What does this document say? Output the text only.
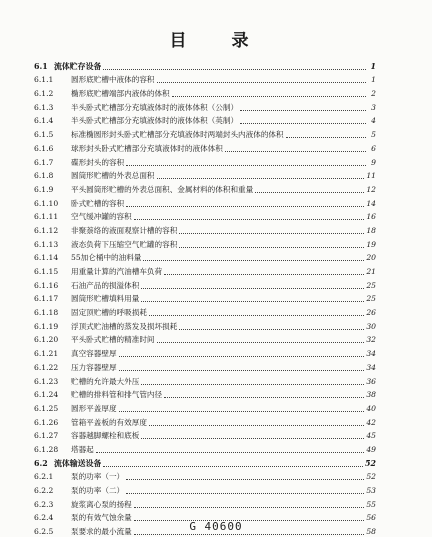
目　录
6.1 流体贮存设备	1
6.1.1	圆形底贮槽中液体的容积	1
6.1.2	椭形底贮槽端部内液体的体积	2
6.1.3	半头卧式贮槽部分充填液体时的液体体积（公制）	3
6.1.4	半头卧式贮槽部分充填液体时的液体体积（英制）	4
6.1.5	标准椭圆形封头卧式贮槽部分充填液体时两端封头内液体的体积	5
6.1.6	球形封头卧式贮槽部分充填液体时的液体体积	6
6.1.7	碟形封头的容积	9
6.1.8	圆筒形贮槽的外表总面积	11
6.1.9	平头圆筒形贮槽的外表总面积、金属材料的体积和重量	12
6.1.10	卧式贮槽的容积	14
6.1.11	空气缓冲罐的容积	16
6.1.12	非聚萘络的液面观察计槽的容积	18
6.1.13	液态负荷下压缩空气贮罐的容积	19
6.1.14	55加仑桶中的油料量	20
6.1.15	用重量计算的汽油槽车负荷	21
6.1.16	石油产品的损溢体积	25
6.1.17	圆筒形贮槽填料用量	25
6.1.18	固定顶贮槽的呼吸损耗	26
6.1.19	浮顶式贮油槽的蒸发及损坏损耗	30
6.1.20	平头卧式贮槽的精准时间	32
6.1.21	真空容器壁厚	34
6.1.22	压力容器壁厚	34
6.1.23	贮槽的允许最大外压	36
6.1.24	贮槽的排料管和排气管内径	38
6.1.25	圆形平盖厚度	40
6.1.26	管箱平盖板的有效厚度	42
6.1.27	容器越脚螺栓和底板	45
6.1.28	塔器起	49
6.2 流体输送设备	52
6.2.1	泵的功率（一）	52
6.2.2	泵的功率（二）	53
6.2.3	旋浆离心泵的扬程	55
6.2.4	泵的有效气蚀余量	56
6.2.5	泵要求的最小流量	58
G 40600
